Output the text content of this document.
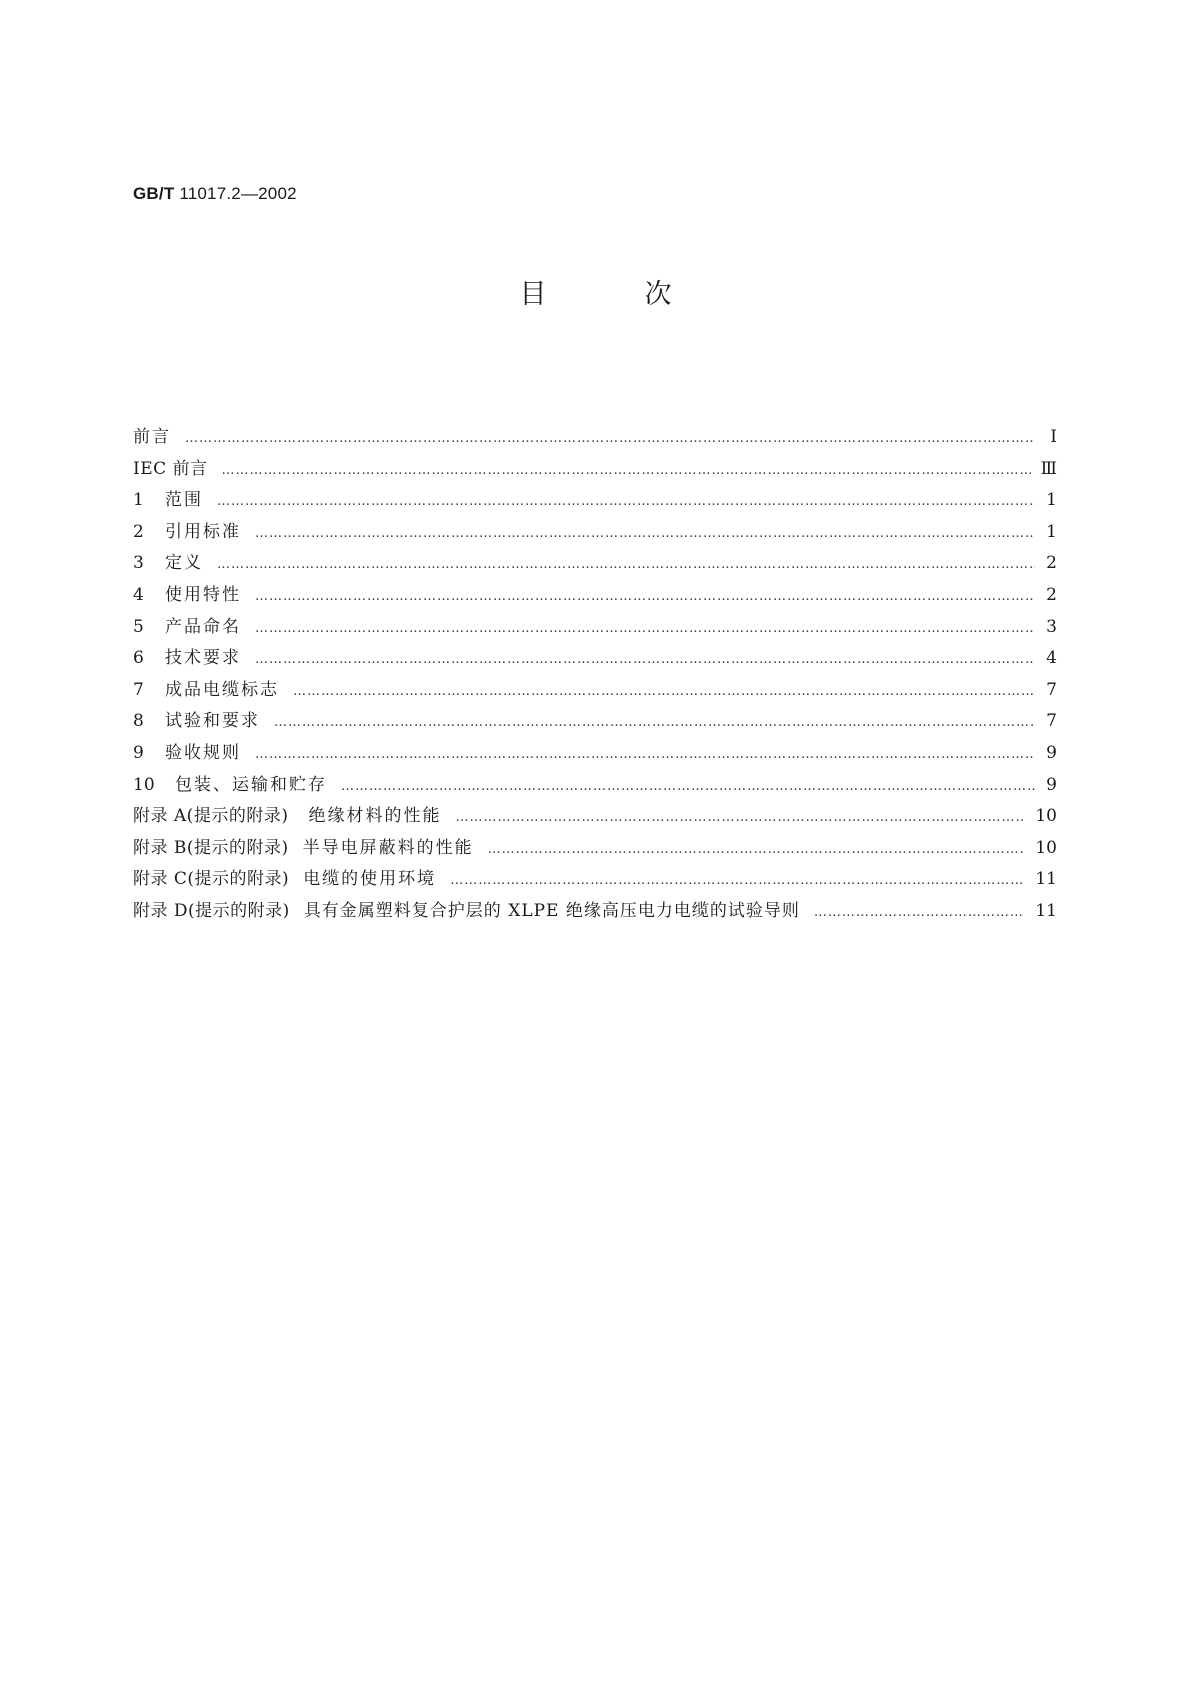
GB/T 11017.2—2002
目	次
前言 ……………………………………………………………………………………………………………………………………………………………………………………………………	Ⅰ
IEC 前言 ……………………………………………………………………………………………………………………………………………………………………………………………………	Ⅲ
1	范围 ……………………………………………………………………………………………………………………………………………………………………………………………………	1
2	引用标准 ……………………………………………………………………………………………………………………………………………………………………………………………………	1
3	定义 ……………………………………………………………………………………………………………………………………………………………………………………………………	2
4	使用特性 ……………………………………………………………………………………………………………………………………………………………………………………………………	2
5	产品命名 ……………………………………………………………………………………………………………………………………………………………………………………………………	3
6	技术要求 ……………………………………………………………………………………………………………………………………………………………………………………………………	4
7	成品电缆标志 ……………………………………………………………………………………………………………………………………………………………………………………………………	7
8	试验和要求 ……………………………………………………………………………………………………………………………………………………………………………………………………	7
9	验收规则 ……………………………………………………………………………………………………………………………………………………………………………………………………	9
10	包装、运输和贮存 ……………………………………………………………………………………………………………………………………………………………………………………………………	9
附录 A(提示的附录) 绝缘材料的性能 ……………………………………………………………………………………………………………………………………………………………………………………………………	10
附录 B(提示的附录) 半导电屏蔽料的性能 ……………………………………………………………………………………………………………………………………………………………………………………………………	10
附录 C(提示的附录) 电缆的使用环境 ……………………………………………………………………………………………………………………………………………………………………………………………………	11
附录 D(提示的附录) 具有金属塑料复合护层的 XLPE 绝缘高压电力电缆的试验导则 ……………………………………………………………………………………………………………………………………………………………………………………………………	11
